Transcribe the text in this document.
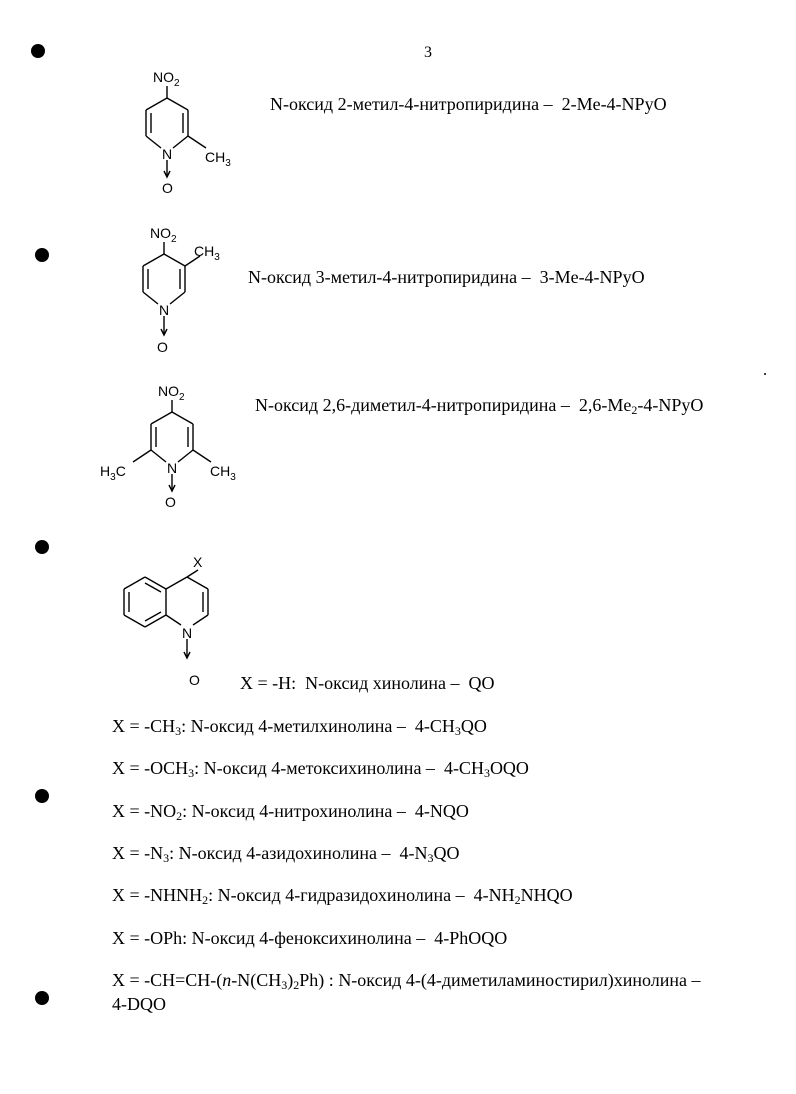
3
$NO_2$
N $CH_3$
O
N-оксид 2-метил-4-нитропиридина – 2-Me-4-NPyO
$NO_2$
N
$CH_3$
O
N-оксид 3-метил-4-нитропиридина – 3-Me-4-NPyO
$NO_2$
N $CH_3$
$H_3C$
O
N-оксид 2,6-диметил-4-нитропиридина – $2,6-Me_2-4$-NPyO
X
N
O X = -H: N-оксид хинолина – QO
$X = -CH_3$: N-оксид 4-метилхинолина – $4-CH_3QO$
$X = -OCH_3$: N-оксид 4-метоксихинолина – $4-CH_3OQO$
$X = -NO_2$: N-оксид 4-нитрохинолина – 4-NQO
$X = -N_3$: N-оксид 4-азидохинолина – $4-N_3QO$
$X = -NHNH_2$: N-оксид 4-гидразидохинолина – $4-NH_2NHQO$
X = -OPh: N-оксид 4-феноксихинолина – 4-PhOQO
$X = -CH=CH-(n-N(CH_3)_2Ph)$ : N-оксид 4-(4-диметиламиностирил)хинолина –
4-DQO
